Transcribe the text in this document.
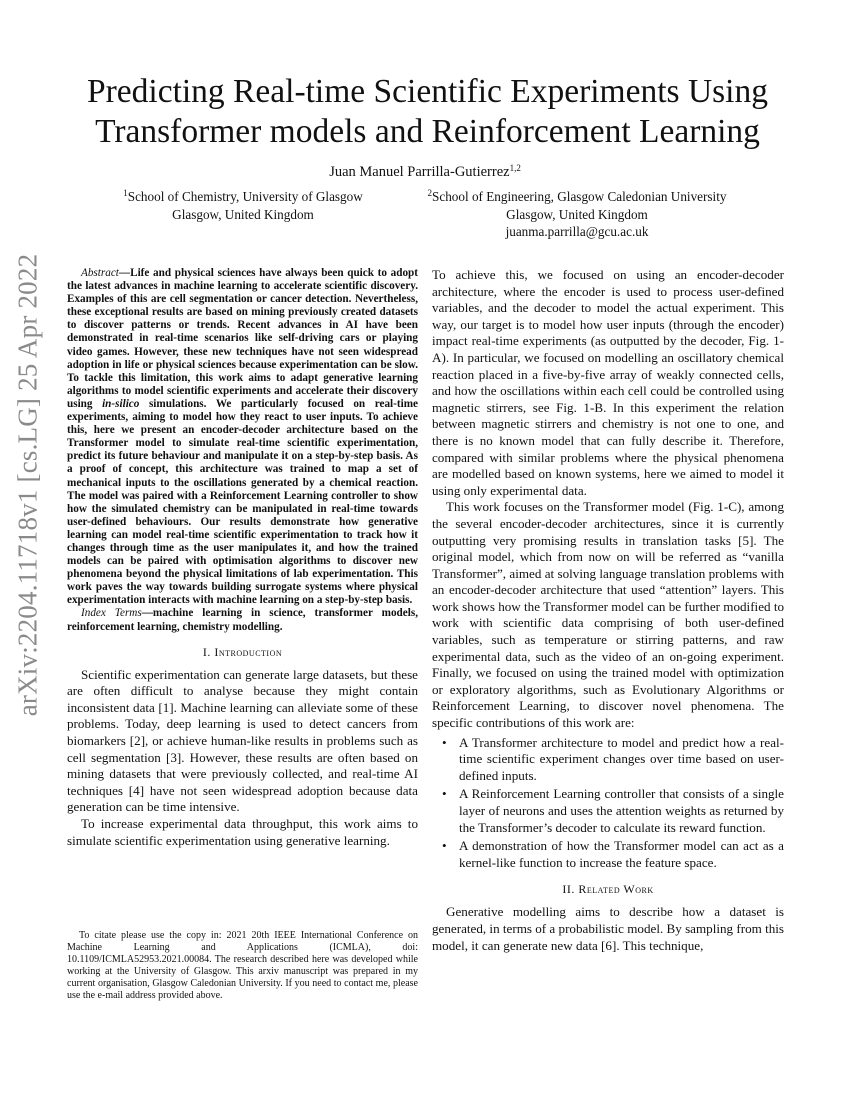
arXiv:2204.11718v1 [cs.LG] 25 Apr 2022
Predicting Real-time Scientific Experiments Using Transformer models and Reinforcement Learning
Juan Manuel Parrilla-Gutierrez$^{1,2}$
$^1$School of Chemistry, University of Glasgow
Glasgow, United Kingdom
$^2$School of Engineering, Glasgow Caledonian University
Glasgow, United Kingdom
juanma.parrilla@gcu.ac.uk

Abstract—Life and physical sciences have always been quick to adopt the latest advances in machine learning to accelerate scientific discovery. Examples of this are cell segmentation or cancer detection. Nevertheless, these exceptional results are based on mining previously created datasets to discover patterns or trends. Recent advances in AI have been demonstrated in real-time scenarios like self-driving cars or playing video games. However, these new techniques have not seen widespread adoption in life or physical sciences because experimentation can be slow. To tackle this limitation, this work aims to adapt generative learning algorithms to model scientific experiments and accelerate their discovery using in-silico simulations. We particularly focused on real-time experiments, aiming to model how they react to user inputs. To achieve this, here we present an encoder-decoder architecture based on the Transformer model to simulate real-time scientific experimentation, predict its future behaviour and manipulate it on a step-by-step basis. As a proof of concept, this architecture was trained to map a set of mechanical inputs to the oscillations generated by a chemical reaction. The model was paired with a Reinforcement Learning controller to show how the simulated chemistry can be manipulated in real-time towards user-defined behaviours. Our results demonstrate how generative learning can model real-time scientific experimentation to track how it changes through time as the user manipulates it, and how the trained models can be paired with optimisation algorithms to discover new phenomena beyond the physical limitations of lab experimentation. This work paves the way towards building surrogate systems where physical experimentation interacts with machine learning on a step-by-step basis.

Index Terms—machine learning in science, transformer models, reinforcement learning, chemistry modelling.

I. Introduction

Scientific experimentation can generate large datasets, but these are often difficult to analyse because they might contain inconsistent data [1]. Machine learning can alleviate some of these problems. Today, deep learning is used to detect cancers from biomarkers [2], or achieve human-like results in problems such as cell segmentation [3]. However, these results are often based on mining datasets that were previously collected, and real-time AI techniques [4] have not seen widespread adoption because data generation can be time intensive.

To increase experimental data throughput, this work aims to simulate scientific experimentation using generative learning.

To citate please use the copy in: 2021 20th IEEE International Conference on Machine Learning and Applications (ICMLA), doi: 10.1109/ICMLA52953.2021.00084. The research described here was developed while working at the University of Glasgow. This arxiv manuscript was prepared in my current organisation, Glasgow Caledonian University. If you need to contact me, please use the e-mail address provided above.

To achieve this, we focused on using an encoder-decoder architecture, where the encoder is used to process user-defined variables, and the decoder to model the actual experiment. This way, our target is to model how user inputs (through the encoder) impact real-time experiments (as outputted by the decoder, Fig. 1-A). In particular, we focused on modelling an oscillatory chemical reaction placed in a five-by-five array of weakly connected cells, and how the oscillations within each cell could be controlled using magnetic stirrers, see Fig. 1-B. In this experiment the relation between magnetic stirrers and chemistry is not one to one, and there is no known model that can fully describe it. Therefore, compared with similar problems where the physical phenomena are modelled based on known systems, here we aimed to model it using only experimental data.

This work focuses on the Transformer model (Fig. 1-C), among the several encoder-decoder architectures, since it is currently outputting very promising results in translation tasks [5]. The original model, which from now on will be referred as “vanilla Transformer”, aimed at solving language translation problems with an encoder-decoder architecture that used “attention” layers. This work shows how the Transformer model can be further modified to work with scientific data comprising of both user-defined variables, such as temperature or stirring patterns, and raw experimental data, such as the video of an on-going experiment. Finally, we focused on using the trained model with optimization or exploratory algorithms, such as Evolutionary Algorithms or Reinforcement Learning, to discover novel phenomena. The specific contributions of this work are:

• A Transformer architecture to model and predict how a real-time scientific experiment changes over time based on user-defined inputs.
• A Reinforcement Learning controller that consists of a single layer of neurons and uses the attention weights as returned by the Transformer’s decoder to calculate its reward function.
• A demonstration of how the Transformer model can act as a kernel-like function to increase the feature space.

II. Related Work

Generative modelling aims to describe how a dataset is generated, in terms of a probabilistic model. By sampling from this model, it can generate new data [6]. This technique,
